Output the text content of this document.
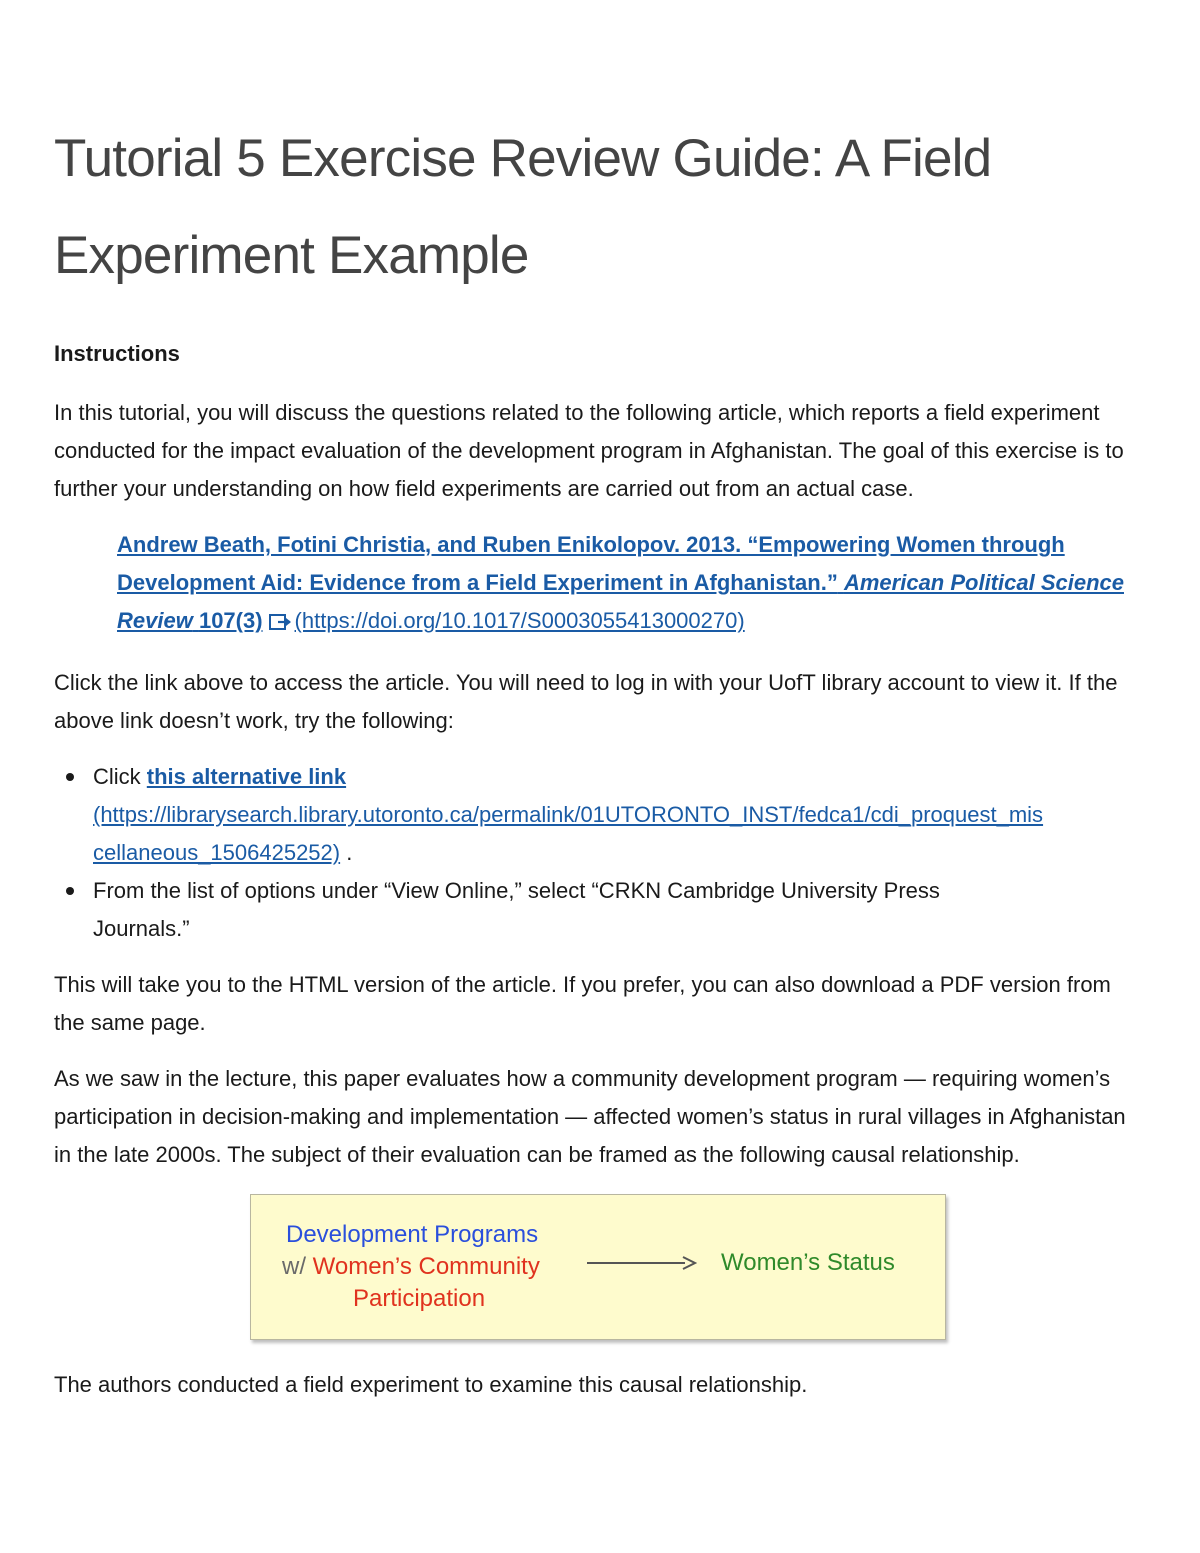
Tutorial 5 Exercise Review Guide: A Field
Experiment Example
Instructions

In this tutorial, you will discuss the questions related to the following article, which reports a field experiment conducted for the impact evaluation of the development program in Afghanistan. The goal of this exercise is to further your understanding on how field experiments are carried out from an actual case.

Andrew Beath, Fotini Christia, and Ruben Enikolopov. 2013. “Empowering Women through Development Aid: Evidence from a Field Experiment in Afghanistan.” American Political Science Review 107(3) (https://doi.org/10.1017/S0003055413000270)

Click the link above to access the article. You will need to log in with your UofT library account to view it. If the above link doesn’t work, try the following:

Click this alternative link
(https://librarysearch.library.utoronto.ca/permalink/01UTORONTO_INST/fedca1/cdi_proquest_mis
cellaneous_1506425252) .
From the list of options under “View Online,” select “CRKN Cambridge University Press
Journals.”

This will take you to the HTML version of the article. If you prefer, you can also download a PDF version from the same page.

As we saw in the lecture, this paper evaluates how a community development program — requiring women’s participation in decision-making and implementation — affected women’s status in rural villages in Afghanistan in the late 2000s. The subject of their evaluation can be framed as the following causal relationship.

Development Programs
w/ Women’s Community
Participation
Women’s Status

The authors conducted a field experiment to examine this causal relationship.
